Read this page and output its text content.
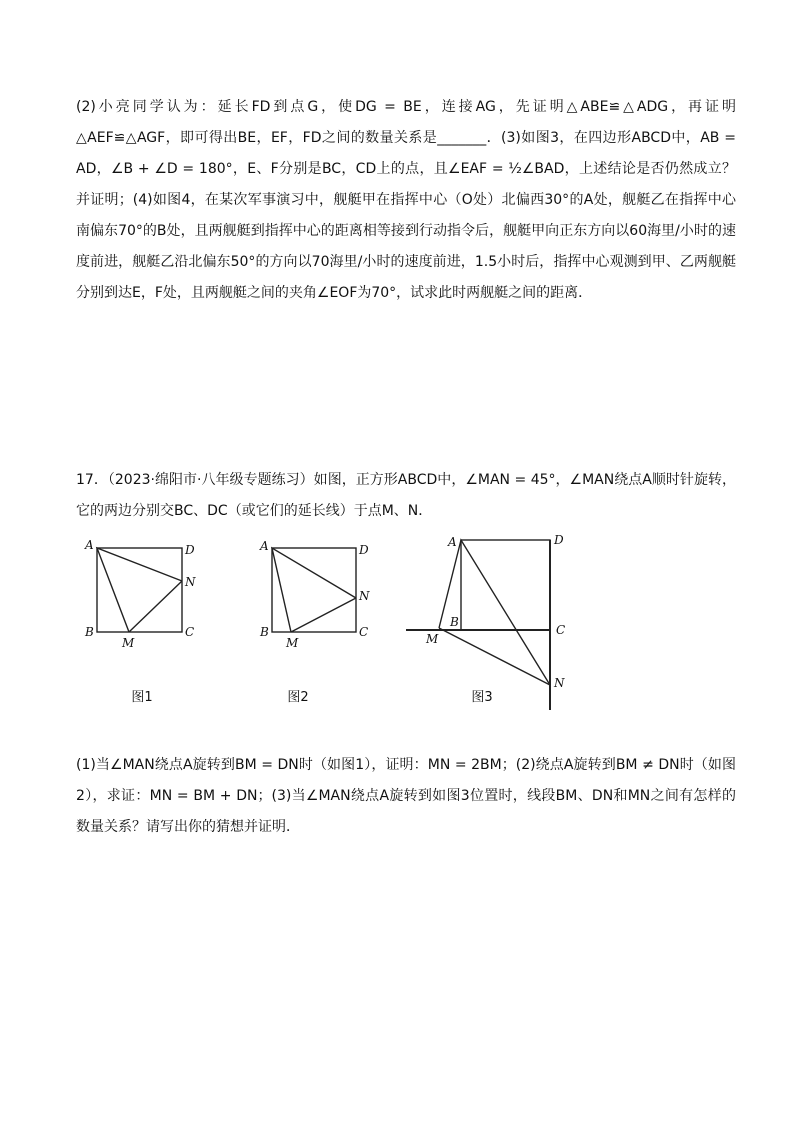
(2)小亮同学认为：延长FD到点G，使DG = BE，连接AG，先证明△ABE≌△ADG，再证明△AEF≌△AGF，即可得出BE，EF，FD之间的数量关系是_______．(3)如图3，在四边形ABCD中，AB = AD，∠B + ∠D = 180°，E、F分别是BC，CD上的点，且∠EAF = ½∠BAD，上述结论是否仍然成立？并证明；(4)如图4，在某次军事演习中，舰艇甲在指挥中心（O处）北偏西30°的A处，舰艇乙在指挥中心南偏东70°的B处，且两舰艇到指挥中心的距离相等接到行动指令后，舰艇甲向正东方向以60海里/小时的速度前进，舰艇乙沿北偏东50°的方向以70海里/小时的速度前进，1.5小时后，指挥中心观测到甲、乙两舰艇分别到达E，F处，且两舰艇之间的夹角∠EOF为70°，试求此时两舰艇之间的距离．

17．（2023·绵阳市·八年级专题练习）如图，正方形ABCD中，∠MAN = 45°，∠MAN绕点A顺时针旋转，它的两边分别交BC、DC（或它们的延长线）于点M、N．

A	D
N
B	C
M
图1
A	D
N
B	C
M
图2
A	D
B
C
M
N
图3

(1)当∠MAN绕点A旋转到BM = DN时（如图1），证明：MN = 2BM；(2)绕点A旋转到BM ≠ DN时（如图2），求证：MN = BM + DN；(3)当∠MAN绕点A旋转到如图3位置时，线段BM、DN和MN之间有怎样的数量关系？请写出你的猜想并证明．
